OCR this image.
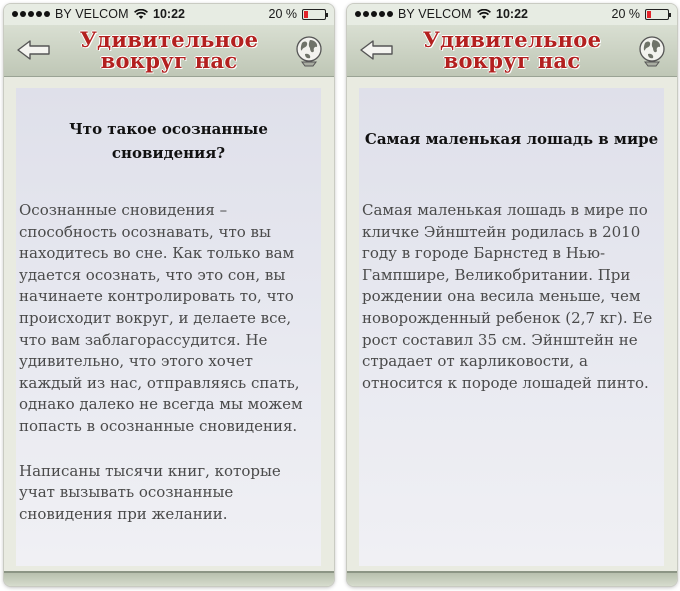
BY VELCOM	10:22	20 %
Удивительное
вокруг нас
Что такое осознанные сновидения?

Осознанные сновидения – способность осознавать, что вы находитесь во сне. Как только вам удается осознать, что это сон, вы начинаете контролировать то, что происходит вокруг, и делаете все, что вам заблагорассудится. Не удивительно, что этого хочет каждый из нас, отправляясь спать, однако далеко не всегда мы можем попасть в осознанные сновидения.

Написаны тысячи книг, которые учат вызывать осознанные сновидения при желании.

BY VELCOM	10:22	20 %
Удивительное
вокруг нас
Самая маленькая лошадь в мире

Самая маленькая лошадь в мире по кличке Эйнштейн родилась в 2010 году в городе Барнстед в Нью-Гампшире, Великобритании. При рождении она весила меньше, чем новорожденный ребенок (2,7 кг). Ее рост составил 35 см. Эйнштейн не страдает от карликовости, а относится к породе лошадей пинто.
